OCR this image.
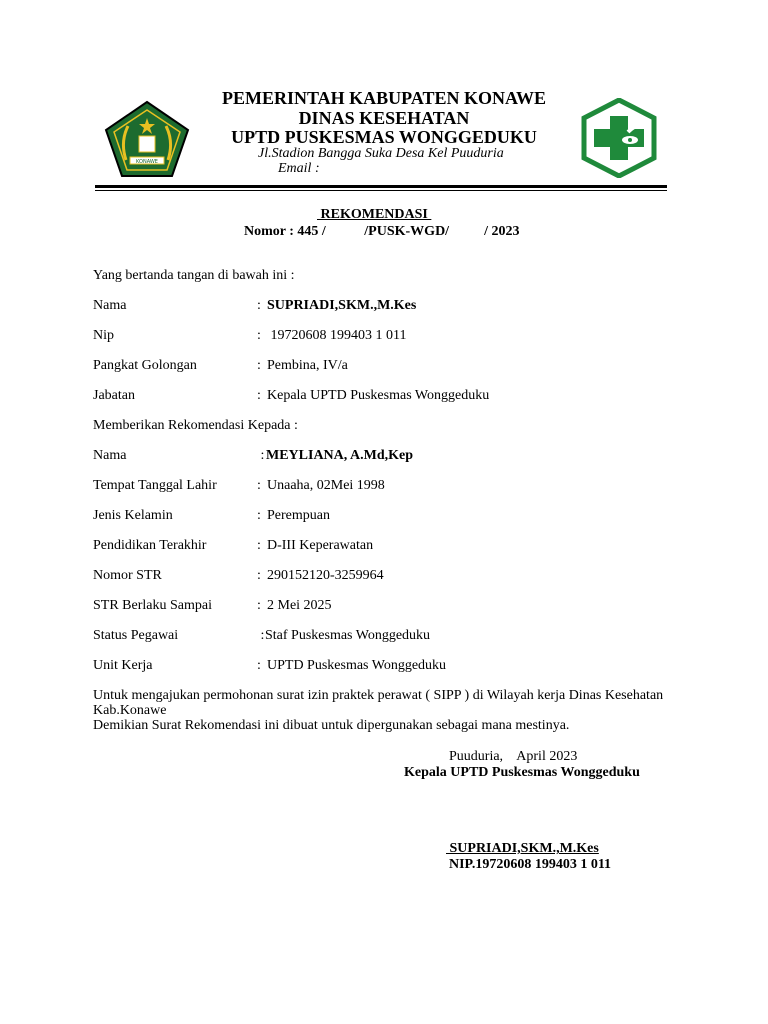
KONAWE
PEMERINTAH KABUPATEN KONAWE
DINAS KESEHATAN
UPTD PUSKESMAS WONGGEDUKU
Jl.Stadion Bangga Suka Desa Kel Puuduria
Email :
REKOMENDASI
Nomor : 445 /           /PUSK-WGD/          / 2023
Yang bertanda tangan di bawah ini :
Nama	: SUPRIADI,SKM.,M.Kes
Nip	: 19720608 199403 1 011
Pangkat Golongan	: Pembina, IV/a
Jabatan	: Kepala UPTD Puskesmas Wonggeduku
Memberikan Rekomendasi Kepada :
Nama	: MEYLIANA, A.Md,Kep
Tempat Tanggal Lahir	: Unaaha, 02Mei 1998
Jenis Kelamin	: Perempuan
Pendidikan Terakhir	: D-III Keperawatan
Nomor STR	: 290152120-3259964
STR Berlaku Sampai	: 2 Mei 2025
Status Pegawai	: Staf Puskesmas Wonggeduku
Unit Kerja	: UPTD Puskesmas Wonggeduku
Untuk mengajukan permohonan surat izin praktek perawat ( SIPP ) di Wilayah kerja Dinas Kesehatan
Kab.Konawe
Demikian Surat Rekomendasi ini dibuat untuk dipergunakan sebagai mana mestinya.
Puuduria,    April 2023
Kepala UPTD Puskesmas Wonggeduku
SUPRIADI,SKM.,M.Kes
NIP.19720608 199403 1 011
